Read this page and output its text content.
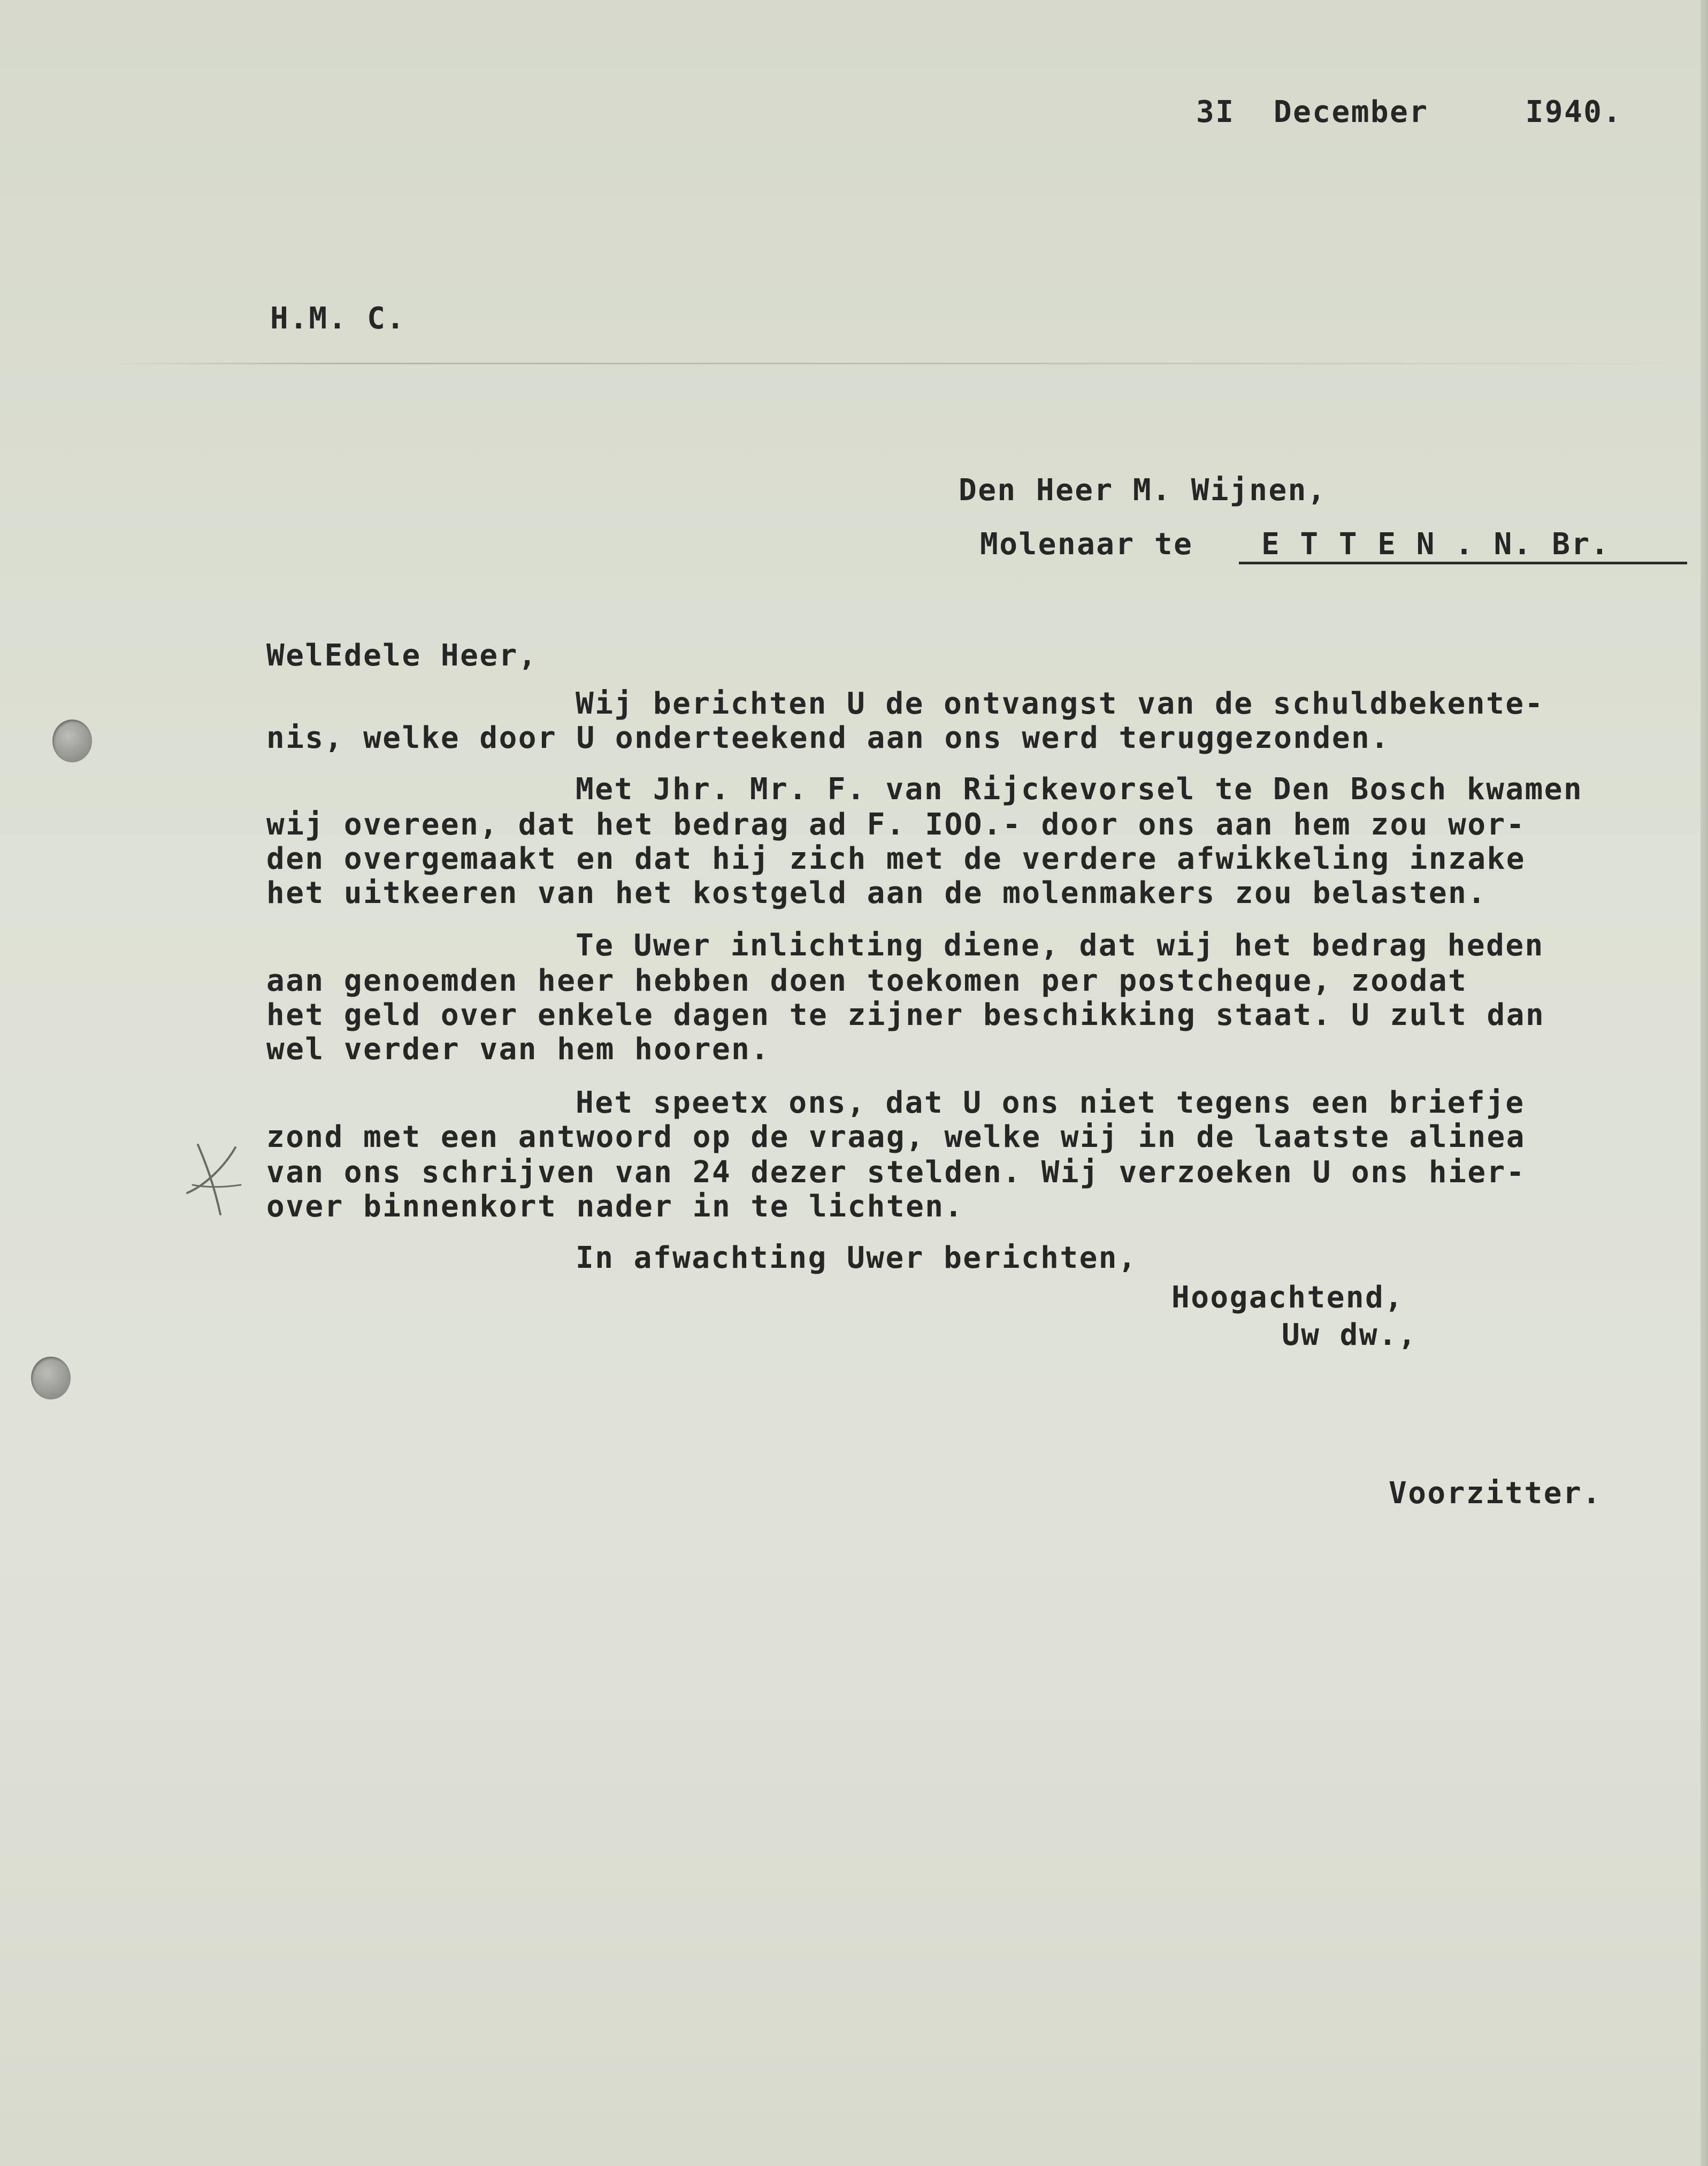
3I  December     I940.

H.M. C.

Den Heer M. Wijnen,

Molenaar te E T T E N . N. Br.

WelEdele Heer,

Wij berichten U de ontvangst van de schuldbekente-

nis, welke door U onderteekend aan ons werd teruggezonden.

Met Jhr. Mr. F. van Rijckevorsel te Den Bosch kwamen

wij overeen, dat het bedrag ad F. IOO.- door ons aan hem zou wor-

den overgemaakt en dat hij zich met de verdere afwikkeling inzake

het uitkeeren van het kostgeld aan de molenmakers zou belasten.

Te Uwer inlichting diene, dat wij het bedrag heden

aan genoemden heer hebben doen toekomen per postcheque, zoodat

het geld over enkele dagen te zijner beschikking staat. U zult dan

wel verder van hem hooren.

Het speetx ons, dat U ons niet tegens een briefje

zond met een antwoord op de vraag, welke wij in de laatste alinea

van ons schrijven van 24 dezer stelden. Wij verzoeken U ons hier-

over binnenkort nader in te lichten.

In afwachting Uwer berichten,

Hoogachtend,

Uw dw.,

Voorzitter.
